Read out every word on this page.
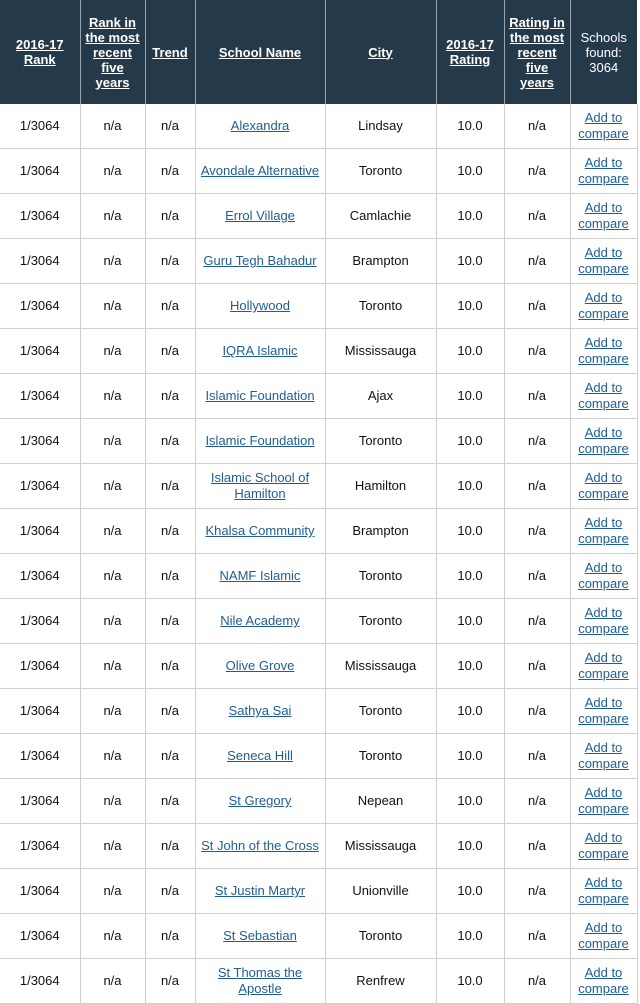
2016-17 Rank	Rank in the most recent five years	Trend	School Name	City	2016-17 Rating	Rating in the most recent five years	Schools found: 3064
1/3064	n/a	n/a	Alexandra	Lindsay	10.0	n/a	Add to compare
1/3064	n/a	n/a	Avondale Alternative	Toronto	10.0	n/a	Add to compare
1/3064	n/a	n/a	Errol Village	Camlachie	10.0	n/a	Add to compare
1/3064	n/a	n/a	Guru Tegh Bahadur	Brampton	10.0	n/a	Add to compare
1/3064	n/a	n/a	Hollywood	Toronto	10.0	n/a	Add to compare
1/3064	n/a	n/a	IQRA Islamic	Mississauga	10.0	n/a	Add to compare
1/3064	n/a	n/a	Islamic Foundation	Ajax	10.0	n/a	Add to compare
1/3064	n/a	n/a	Islamic Foundation	Toronto	10.0	n/a	Add to compare
1/3064	n/a	n/a	Islamic School of Hamilton	Hamilton	10.0	n/a	Add to compare
1/3064	n/a	n/a	Khalsa Community	Brampton	10.0	n/a	Add to compare
1/3064	n/a	n/a	NAMF Islamic	Toronto	10.0	n/a	Add to compare
1/3064	n/a	n/a	Nile Academy	Toronto	10.0	n/a	Add to compare
1/3064	n/a	n/a	Olive Grove	Mississauga	10.0	n/a	Add to compare
1/3064	n/a	n/a	Sathya Sai	Toronto	10.0	n/a	Add to compare
1/3064	n/a	n/a	Seneca Hill	Toronto	10.0	n/a	Add to compare
1/3064	n/a	n/a	St Gregory	Nepean	10.0	n/a	Add to compare
1/3064	n/a	n/a	St John of the Cross	Mississauga	10.0	n/a	Add to compare
1/3064	n/a	n/a	St Justin Martyr	Unionville	10.0	n/a	Add to compare
1/3064	n/a	n/a	St Sebastian	Toronto	10.0	n/a	Add to compare
1/3064	n/a	n/a	St Thomas the Apostle	Renfrew	10.0	n/a	Add to compare
